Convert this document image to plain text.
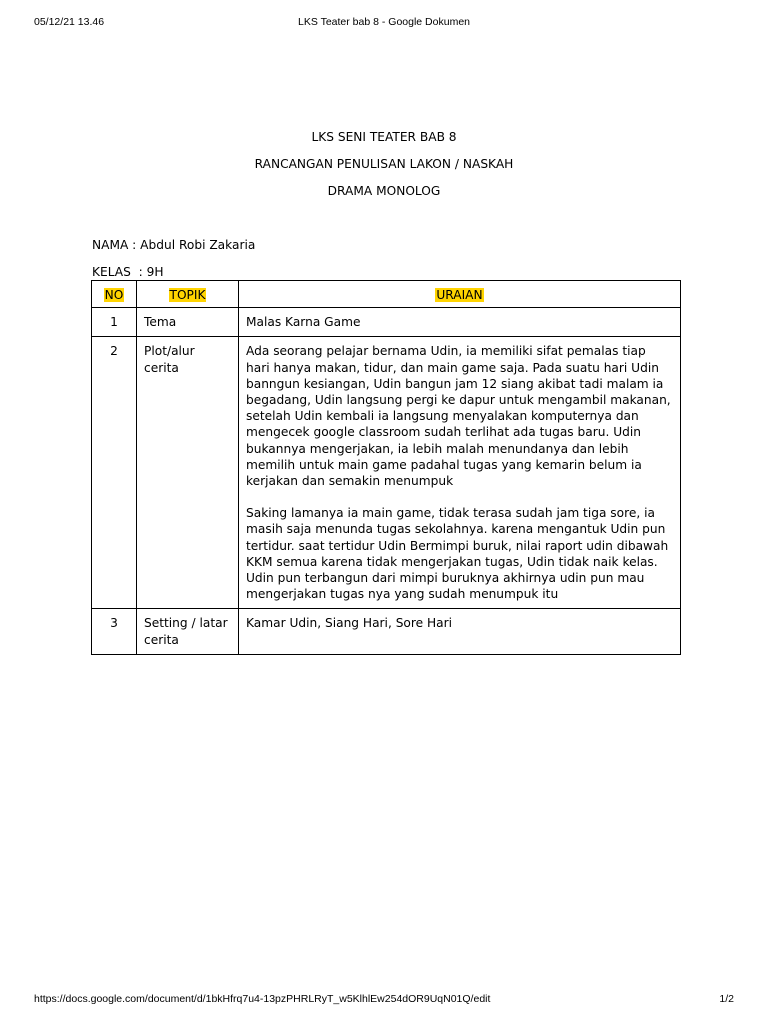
LKS Teater bab 8 - Google Dokumen
05/12/21 13.46
LKS SENI TEATER BAB 8
RANCANGAN PENULISAN LAKON / NASKAH
DRAMA MONOLOG
NAMA : Abdul Robi Zakaria
KELAS  : 9H
NO	TOPIK	URAIAN
1	Tema	Malas Karna Game

2	Plot/alur cerita	Ada seorang pelajar bernama Udin, ia memiliki sifat pemalas tiap hari hanya makan, tidur, dan main game saja. Pada suatu hari Udin banngun kesiangan, Udin bangun jam 12 siang akibat tadi malam ia begadang, Udin langsung pergi ke dapur untuk mengambil makanan, setelah Udin kembali ia langsung menyalakan komputernya dan mengecek google classroom sudah terlihat ada tugas baru. Udin bukannya mengerjakan, ia lebih malah menundanya dan lebih memilih untuk main game padahal tugas yang kemarin belum ia kerjakan dan semakin menumpuk

Saking lamanya ia main game, tidak terasa sudah jam tiga sore, ia masih saja menunda tugas sekolahnya. karena mengantuk Udin pun tertidur. saat tertidur Udin Bermimpi buruk, nilai raport udin dibawah KKM semua karena tidak mengerjakan tugas, Udin tidak naik kelas. Udin pun terbangun dari mimpi buruknya akhirnya udin pun mau mengerjakan tugas nya yang sudah menumpuk itu

3	Setting / latar cerita	Kamar Udin, Siang Hari, Sore Hari

https://docs.google.com/document/d/1bkHfrq7u4-13pzPHRLRyT_w5KlhlEw254dOR9UqN01Q/edit	1/2
